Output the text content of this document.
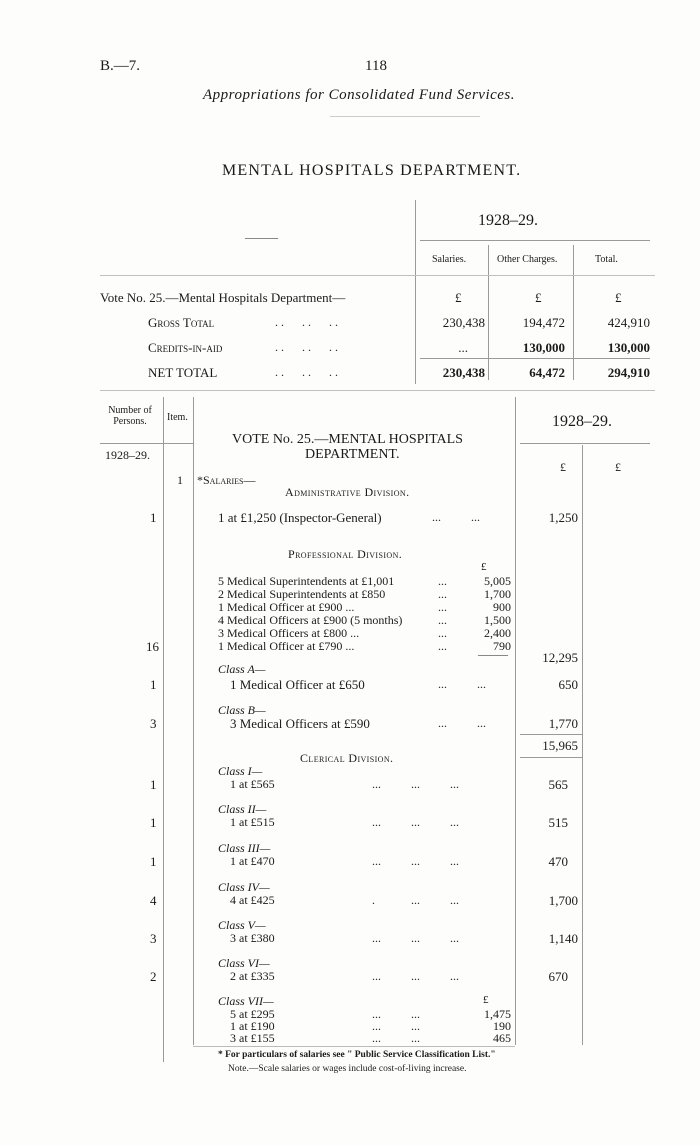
B.—7.	118
Appropriations for Consolidated Fund Services.
MENTAL HOSPITALS DEPARTMENT.
1928–29.
———
Salaries.	Other Charges.	Total.
Vote No. 25.—Mental Hospitals Department—	£	£	£
Gross Total	. .      . .      . .	230,438	194,472	424,910
Credits-in-aid	. .      . .      . .	...	130,000	130,000
NET TOTAL	. .      . .      . .	230,438	64,472	294,910
Number of Persons.	Item.
1928–29.
1928–29.
VOTE No. 25.—MENTAL HOSPITALS
DEPARTMENT.
£	£
1 *Salaries—
Administrative Division.
1	1 at £1,250 (Inspector-General)	...          ...	1,250
Professional Division.
£
5 Medical Superintendents at £1,001	...	5,005
2 Medical Superintendents at £850	...	1,700
1 Medical Officer at £900 ...	...	900
4 Medical Officers at £900 (5 months)	...	1,500
3 Medical Officers at £800 ...	...	2,400
16	1 Medical Officer at £790 ...	...	790
———	12,295
Class A—
1	1 Medical Officer at £650	...          ...	650
Class B—
3	3 Medical Officers at £590	...          ...	1,770
15,965
Clerical Division.
Class I—
1	1 at £565	...          ...          ...	565
Class II—
1	1 at £515	...          ...          ...	515
Class III—
1	1 at £470	...          ...          ...	470
Class IV—
4	4 at £425	.            ...          ...	1,700
Class V—
3	3 at £380	...          ...          ...	1,140
Class VI—
2	2 at £335	...          ...          ...	670
Class VII—	£
5 at £295	...          ...	1,475
1 at £190	...          ...	190
3 at £155	...          ...	465
* For particulars of salaries see " Public Service Classification List."
Note.—Scale salaries or wages include cost-of-living increase.
